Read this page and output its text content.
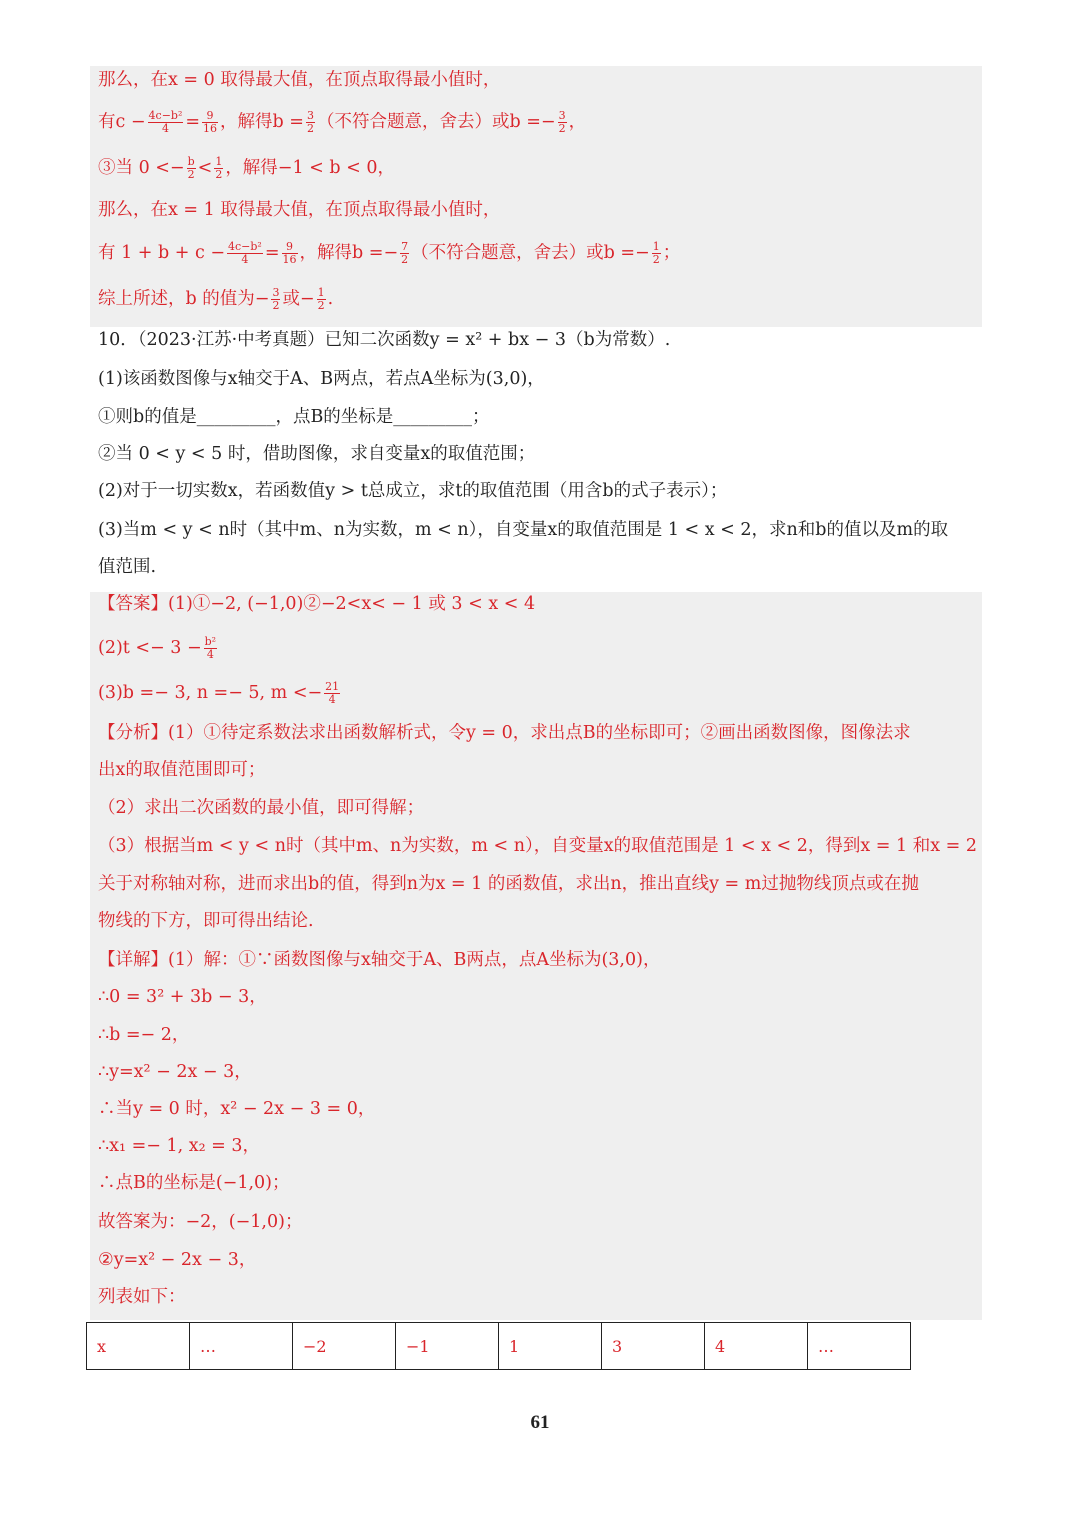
那么，在x = 0 取得最大值，在顶点取得最小值时，
有$c - \frac{\text{4c−b²}}{4} = \frac{9}{16}$ ，解得$b = \frac{3}{2}$ （不符合题意，舍去）或$b =- \frac{3}{2}$ ，
③当 $0 <- \frac{b}{2} < \frac{1}{2}$ ，解得−1 < b < 0，
那么，在x = 1 取得最大值，在顶点取得最小值时，
有 $1 + b + c - \frac{\text{4c−b²}}{4} = \frac{9}{16}$ ，解得$b =- \frac{7}{2}$ （不符合题意，舍去）或$b =- \frac{1}{2}$ ；
综上所述，b 的值为− $\frac{3}{2}$ 或− $\frac{1}{2}$ .
10．（2023·江苏·中考真题）已知二次函数y = x² + bx − 3（b为常数）.
(1)该函数图像与x轴交于A、B两点，若点A坐标为(3,0)，
①则b的值是_________，点B的坐标是_________；
②当 0 < y < 5 时，借助图像，求自变量x的取值范围；
(2)对于一切实数x，若函数值y > t总成立，求t的取值范围（用含b的式子表示）；
(3)当m < y < n时（其中m、n为实数，m < n），自变量x的取值范围是 1 < x < 2，求n和b的值以及m的取
值范围.
【答案】(1)①−2, (−1,0)②−2<x< − 1 或 3 < x < 4
$(2)t <- 3 - \frac{\text{b²}}{4}$
(3)b =− 3, n =− 5, $m <- \frac{21}{4}$
【分析】(1）①待定系数法求出函数解析式，令y = 0，求出点B的坐标即可；②画出函数图像，图像法求
出x的取值范围即可；
（2）求出二次函数的最小值，即可得解；
（3）根据当m < y < n时（其中m、n为实数，m < n），自变量x的取值范围是 1 < x < 2，得到x = 1 和x = 2
关于对称轴对称，进而求出b的值，得到n为x = 1 的函数值，求出n，推出直线y = m过抛物线顶点或在抛
物线的下方，即可得出结论.
【详解】(1）解：①∵函数图像与x轴交于A、B两点，点A坐标为(3,0)，
∴0 = 3² + 3b − 3，
∴b =− 2，
∴y=x² − 2x − 3，
∴当y = 0 时，x² − 2x − 3 = 0，
∴x₁ =− 1, x₂ = 3，
∴点B的坐标是(−1,0)；
故答案为：−2，(−1,0)；
②y=x² − 2x − 3，
列表如下：
x	…	−2	−1	1	3	4	…
61
